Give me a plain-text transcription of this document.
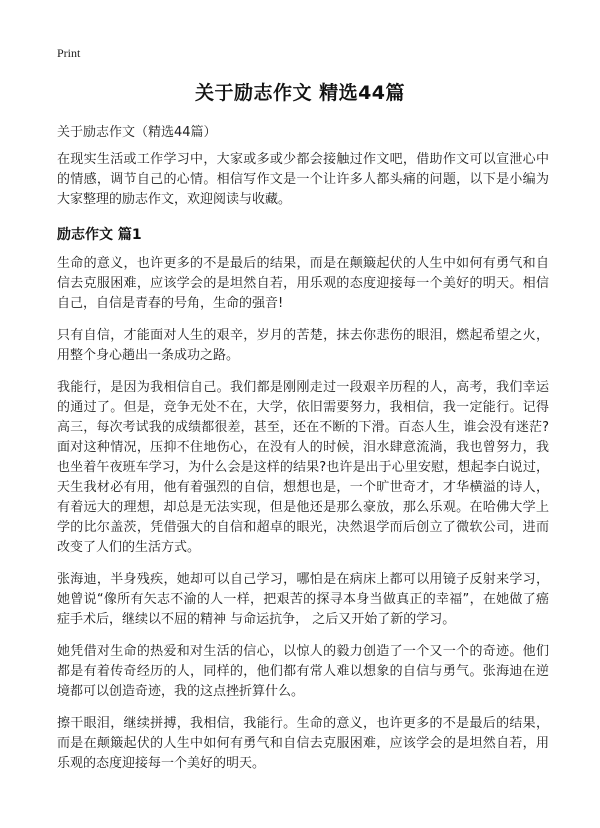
Print
关于励志作文 精选44篇
关于励志作文（精选44篇）

在现实生活或工作学习中，大家或多或少都会接触过作文吧，借助作文可以宣泄心中的情感，调节自己的心情。相信写作文是一个让许多人都头痛的问题，以下是小编为大家整理的励志作文，欢迎阅读与收藏。

励志作文 篇1

生命的意义，也许更多的不是最后的结果，而是在颠簸起伏的人生中如何有勇气和自信去克服困难，应该学会的是坦然自若，用乐观的态度迎接每一个美好的明天。相信自己，自信是青春的号角，生命的强音!

只有自信，才能面对人生的艰辛，岁月的苦楚，抹去你悲伤的眼泪，燃起希望之火，用整个身心趟出一条成功之路。

我能行，是因为我相信自己。我们都是刚刚走过一段艰辛历程的人，高考，我们幸运的通过了。但是，竞争无处不在，大学，依旧需要努力，我相信，我一定能行。记得高三，每次考试我的成绩都很差，甚至，还在不断的下滑。百态人生，谁会没有迷茫?面对这种情况，压抑不住地伤心，在没有人的时候，泪水肆意流淌，我也曾努力，我也坐着午夜班车学习，为什么会是这样的结果?也许是出于心里安慰，想起李白说过，天生我材必有用，他有着强烈的自信，想想也是，一个旷世奇才，才华横溢的诗人，有着远大的理想，却总是无法实现，但是他还是那么豪放，那么乐观。在哈佛大学上学的比尔盖茨，凭借强大的自信和超卓的眼光，决然退学而后创立了微软公司，进而改变了人们的生活方式。

张海迪，半身残疾，她却可以自己学习，哪怕是在病床上都可以用镜子反射来学习，她曾说“像所有矢志不渝的人一样，把艰苦的探寻本身当做真正的幸福”，在她做了癌症手术后，继续以不屈的精神 与命运抗争， 之后又开始了新的学习。

她凭借对生命的热爱和对生活的信心，以惊人的毅力创造了一个又一个的奇迹。他们都是有着传奇经历的人，同样的，他们都有常人难以想象的自信与勇气。张海迪在逆境都可以创造奇迹，我的这点挫折算什么。

擦干眼泪，继续拼搏，我相信，我能行。生命的意义，也许更多的不是最后的结果，而是在颠簸起伏的人生中如何有勇气和自信去克服困难，应该学会的是坦然自若，用乐观的态度迎接每一个美好的明天。
